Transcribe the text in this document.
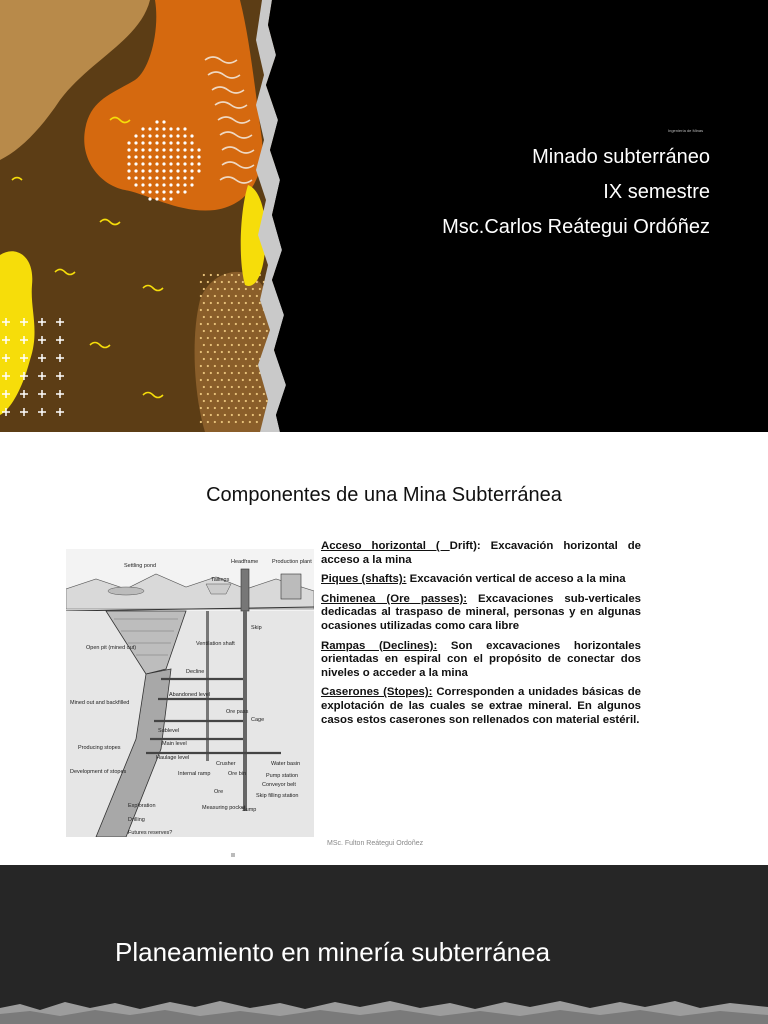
Ingeniería de Minas
Minado subterráneo
IX semestre
Msc.Carlos Reátegui Ordóñez
Componentes de una Mina Subterránea
Settling pond
Headframe	Production plant
Tailings
Skip
Open pit (mined out)
Ventilation shaft
Decline
Abandoned level
Mined out and backfilled
Ore pass
Cage
Sublevel
Main level
Haulage level
Producing stopes
Crusher	Water basin
Development of stopes	Internal ramp	Ore bin	Pump station
Conveyor belt
Ore
Skip filling station
Exploration	Measuring pocket
Sump
Drilling
Futures reserves?

Acceso horizontal ( Drift): Excavación horizontal de acceso a la mina

Piques (shafts): Excavación vertical de acceso a la mina

Chimenea (Ore passes): Excavaciones sub-verticales dedicadas al traspaso de mineral, personas y en algunas ocasiones utilizadas como cara libre

Rampas (Declines): Son excavaciones horizontales orientadas en espiral con el propósito de conectar dos niveles o acceder a la mina

Caserones (Stopes): Corresponden a unidades básicas de explotación de las cuales se extrae mineral. En algunos casos estos caserones son rellenados con material estéril.

MSc. Fulton Reátegui Ordoñez
Planeamiento en minería subterránea
